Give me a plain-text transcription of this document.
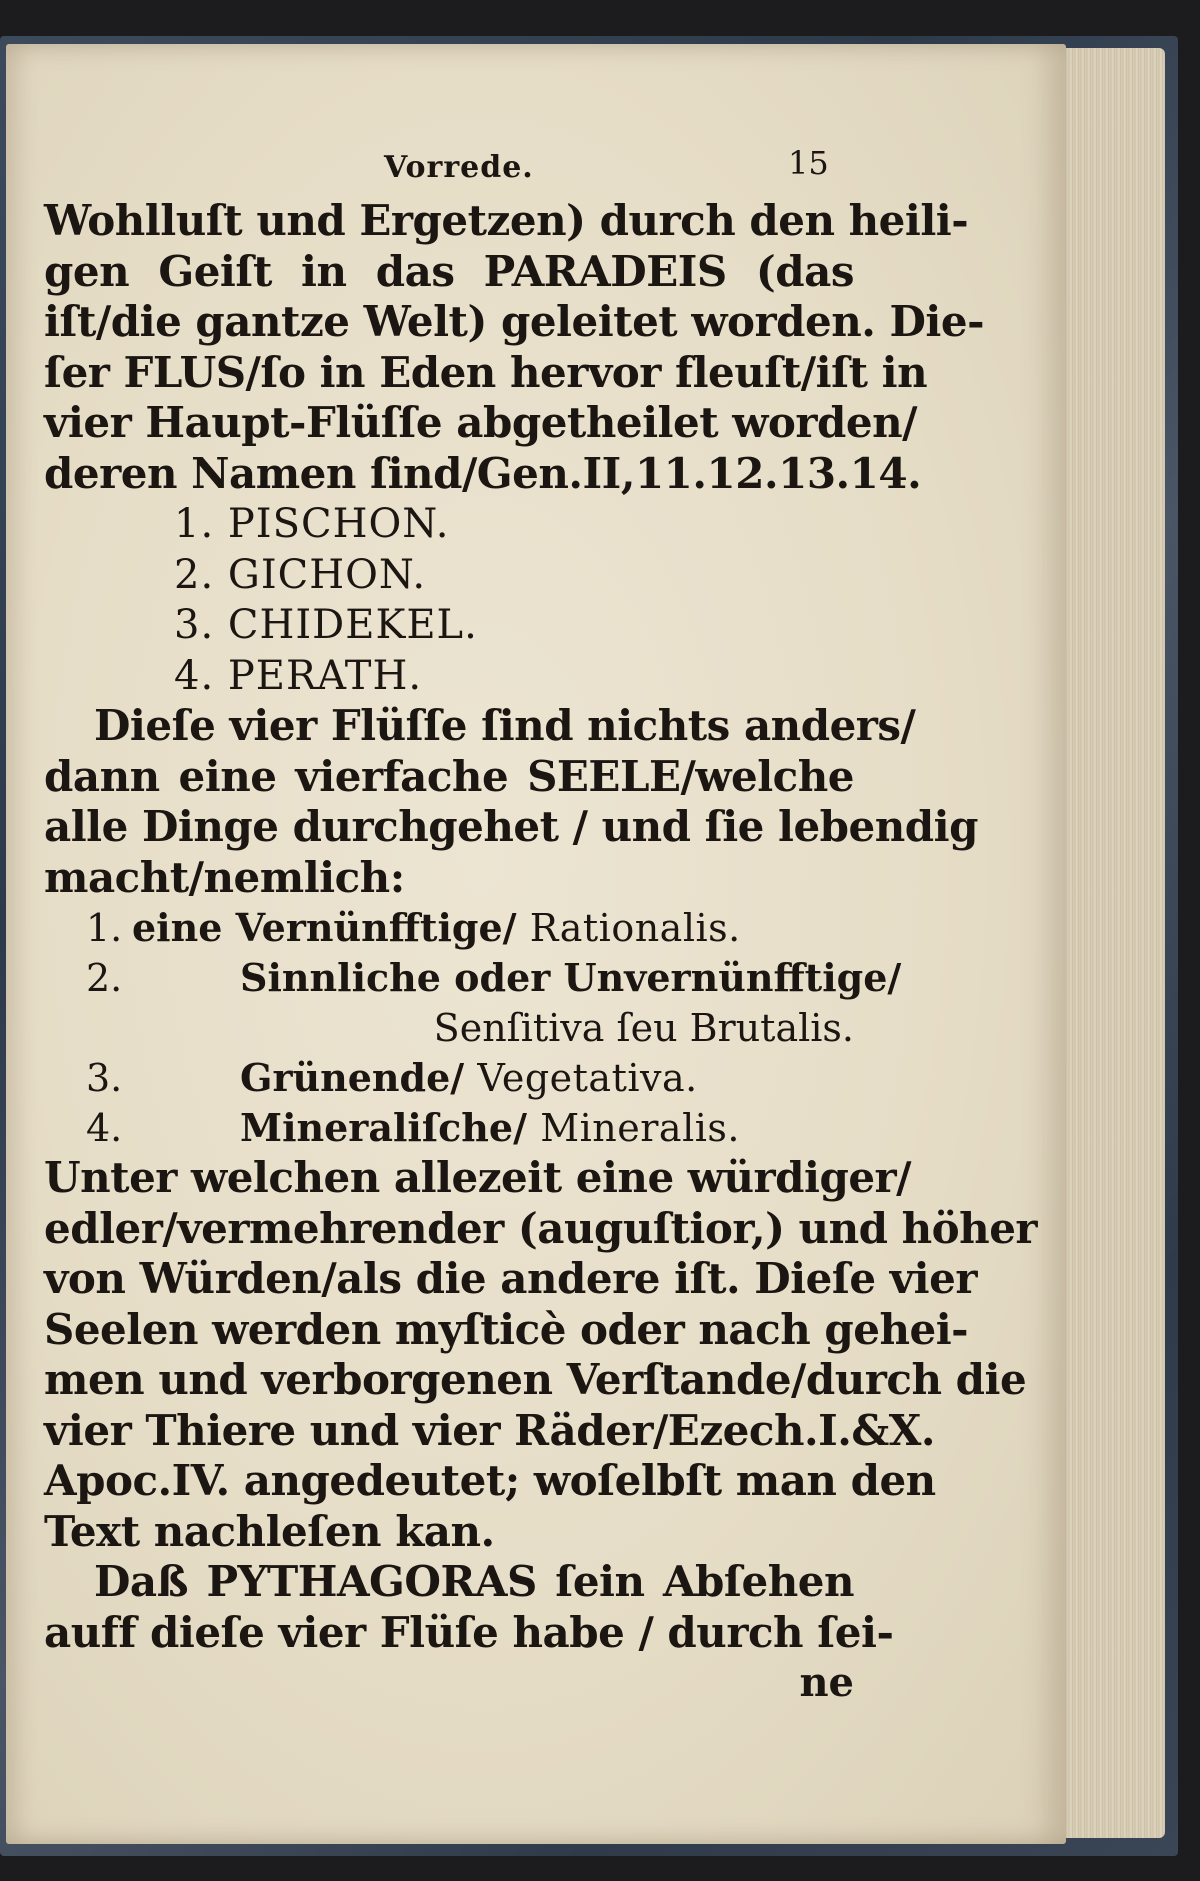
Vorrede.	15
Wohlluſt und Ergetzen) durch den heili-
gen Geiſt in das PARADEIS (das
iſt/die gantze Welt) geleitet worden. Die-
ſer FLUS/ſo in Eden hervor fleuſt/iſt in
vier Haupt-Flüſſe abgetheilet worden/
deren Namen ſind/Gen.II,11.12.13.14.
1. PISCHON.
2. GICHON.
3. CHIDEKEL.
4. PERATH.
Dieſe vier Flüſſe ſind nichts anders/
dann eine vierfache SEELE/welche
alle Dinge durchgehet / und ſie lebendig
macht/nemlich:
1. eine Vernünfftige/ Rationalis.
2.	Sinnliche oder Unvernünfftige/
Senſitiva ſeu Brutalis.
3.	Grünende/ Vegetativa.
4.	Mineraliſche/ Mineralis.
Unter welchen allezeit eine würdiger/
edler/vermehrender (auguſtior,) und höher
von Würden/als die andere iſt. Dieſe vier
Seelen werden myſticè oder nach gehei-
men und verborgenen Verſtande/durch die
vier Thiere und vier Räder/Ezech.I.&X.
Apoc.IV. angedeutet; woſelbſt man den
Text nachleſen kan.
Daß PYTHAGORAS ſein Abſehen
auff dieſe vier Flüſe habe / durch ſei-
ne
